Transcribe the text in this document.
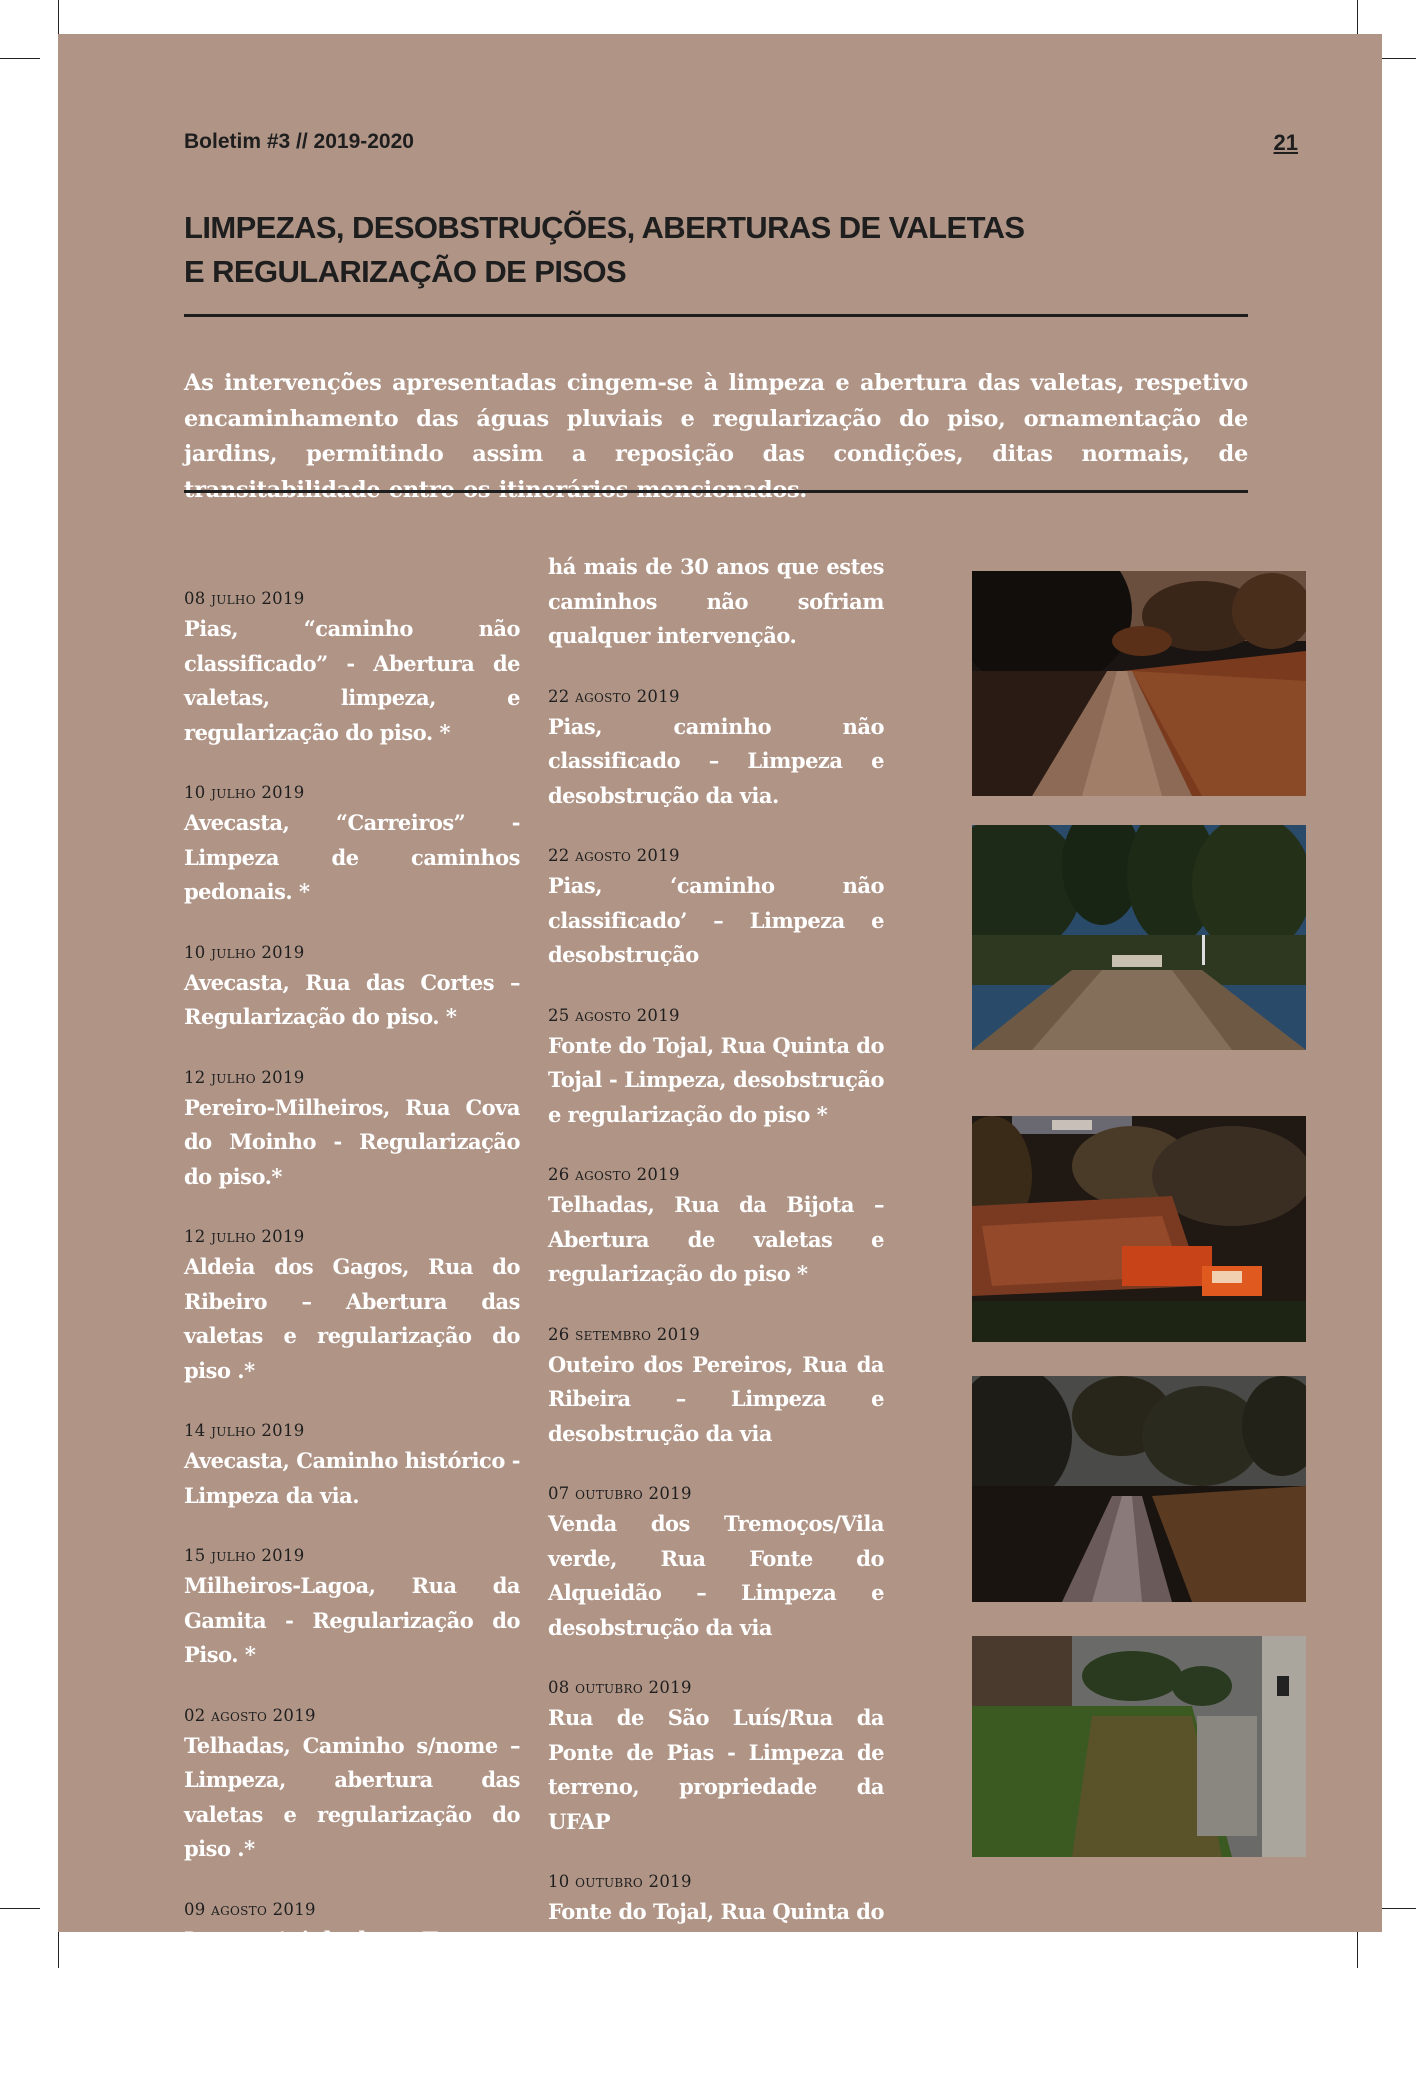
Boletim #3 // 2019-2020	21
LIMPEZAS, DESOBSTRUÇÕES, ABERTURAS DE VALETAS
E REGULARIZAÇÃO DE PISOS
As intervenções apresentadas cingem-se à limpeza e abertura das valetas, respetivo encaminhamento das águas pluviais e regularização do piso, ornamentação de jardins, permitindo assim a reposição das condições, ditas normais, de
08 julho 2019
Pias, “caminho não classificado” - Abertura de valetas, limpeza, e regularização do piso. *
10 julho 2019
Avecasta, “Carreiros” - Limpeza de caminhos pedonais. *
10 julho 2019
Avecasta, Rua das Cortes – Regularização do piso. *
12 julho 2019
Pereiro-Milheiros, Rua Cova do Moinho - Regularização do piso.*
12 julho 2019
Aldeia dos Gagos, Rua do Ribeiro – Abertura das valetas e regularização do piso .*
14 julho 2019
Avecasta, Caminho histórico - Limpeza da via.
15 julho 2019
Milheiros-Lagoa, Rua da Gamita - Regularização do Piso. *
02 agosto 2019
Telhadas, Caminho s/nome – Limpeza, abertura das valetas e regularização do piso .*
09 agosto 2019
Lagoa, Azinhada e Travessa da Lapa – Desobstrução e limpeza dos caminhos
Segundo os residentes locais,
há mais de 30 anos que estes caminhos não sofriam qualquer intervenção.
22 agosto 2019
Pias, caminho não classificado – Limpeza e desobstrução da via.
22 agosto 2019
Pias, ‘caminho não classificado’ – Limpeza e desobstrução
25 agosto 2019
Fonte do Tojal, Rua Quinta do Tojal - Limpeza, desobstrução e regularização do piso *
26 agosto 2019
Telhadas, Rua da Bijota – Abertura de valetas e regularização do piso *
26 setembro 2019
Outeiro dos Pereiros, Rua da Ribeira – Limpeza e desobstrução da via
07 outubro 2019
Venda dos Tremoços/Vila verde, Rua Fonte do Alqueidão – Limpeza e desobstrução da via
08 outubro 2019
Rua de São Luís/Rua da Ponte de Pias - Limpeza de terreno, propriedade da UFAP
10 outubro 2019
Fonte do Tojal, Rua Quinta do Tojal - Limpeza e desobstrução da via
